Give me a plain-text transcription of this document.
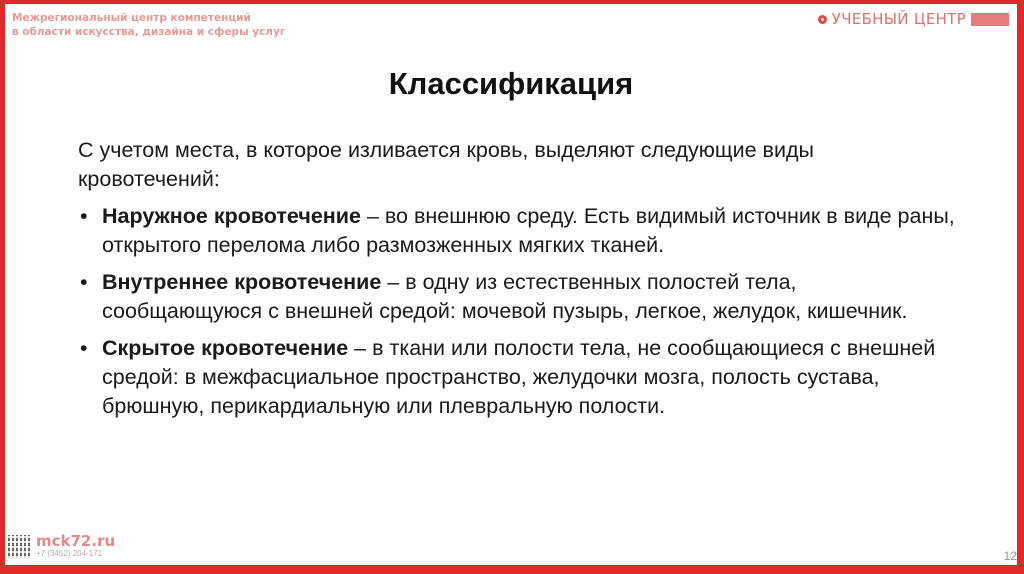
Межрегиональный центр компетенций
в области искусства, дизайна и сферы услуг
УЧЕБНЫЙ ЦЕНТР
Классификация

С учетом места, в которое изливается кровь, выделяют следующие виды кровотечений:

• Наружное кровотечение – во внешнюю среду. Есть видимый источник в виде раны, открытого перелома либо размозженных мягких тканей.
• Внутреннее кровотечение – в одну из естественных полостей тела, сообщающуюся с внешней средой: мочевой пузырь, легкое, желудок, кишечник.
• Скрытое кровотечение – в ткани или полости тела, не сообщающиеся с внешней средой: в межфасциальное пространство, желудочки мозга, полость сустава, брюшную, перикардиальную или плевральную полости.
mck72.ru
+7 (3452) 204-171	12
